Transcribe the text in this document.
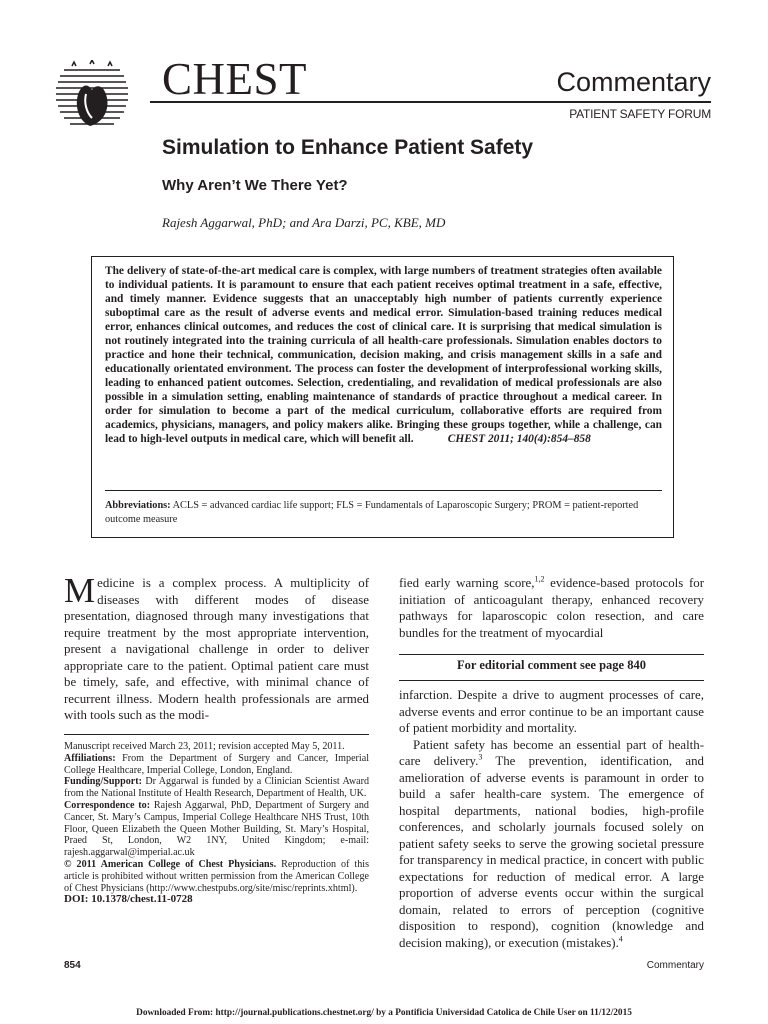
CHEST	Commentary
PATIENT SAFETY FORUM
Simulation to Enhance Patient Safety
Why Aren’t We There Yet?
Rajesh Aggarwal, PhD; and Ara Darzi, PC, KBE, MD
The delivery of state-of-the-art medical care is complex, with large numbers of treatment strategies often available to individual patients. It is paramount to ensure that each patient receives optimal treatment in a safe, effective, and timely manner. Evidence suggests that an unacceptably high number of patients currently experience suboptimal care as the result of adverse events and medical error. Simulation-based training reduces medical error, enhances clinical outcomes, and reduces the cost of clinical care. It is surprising that medical simulation is not routinely integrated into the training curricula of all health-care professionals. Simulation enables doctors to practice and hone their technical, communication, decision making, and crisis management skills in a safe and educationally orientated environment. The process can foster the development of interprofessional working skills, leading to enhanced patient outcomes. Selection, credentialing, and revalidation of medical professionals are also possible in a simulation setting, enabling maintenance of standards of practice throughout a medical career. In order for simulation to become a part of the medical curriculum, collaborative efforts are required from academics, physicians, managers, and policy makers alike. Bringing these groups together, while a challenge, can lead to high-level outputs in medical care, which will benefit all.	CHEST 2011; 140(4):854–858
Abbreviations: ACLS = advanced cardiac life support; FLS = Fundamentals of Laparoscopic Surgery; PROM = patient-reported outcome measure
Medicine is a complex process. A multiplicity of diseases with different modes of disease presentation, diagnosed through many investigations that require treatment by the most appropriate intervention, present a navigational challenge in order to deliver appropriate care to the patient. Optimal patient care must be timely, safe, and effective, with minimal chance of recurrent illness. Modern health professionals are armed with tools such as the modi-
fied early warning score,$^{1,2}$ evidence-based protocols for initiation of anticoagulant therapy, enhanced recovery pathways for laparoscopic colon resection, and care bundles for the treatment of myocardial
For editorial comment see page 840
infarction. Despite a drive to augment processes of care, adverse events and error continue to be an important cause of patient morbidity and mortality.
Patient safety has become an essential part of health-care delivery.$^3$ The prevention, identification, and amelioration of adverse events is paramount in order to build a safer health-care system. The emergence of hospital departments, national bodies, high-profile conferences, and scholarly journals focused solely on patient safety seeks to serve the growing societal pressure for transparency in medical practice, in concert with public expectations for reduction of medical error. A large proportion of adverse events occur within the surgical domain, related to errors of perception (cognitive disposition to respond), cognition (knowledge and decision making), or execution (mistakes).$^4$
Manuscript received March 23, 2011; revision accepted May 5, 2011.
Affiliations: From the Department of Surgery and Cancer, Imperial College Healthcare, Imperial College, London, England.
Funding/Support: Dr Aggarwal is funded by a Clinician Scientist Award from the National Institute of Health Research, Department of Health, UK.
Correspondence to: Rajesh Aggarwal, PhD, Department of Surgery and Cancer, St. Mary’s Campus, Imperial College Healthcare NHS Trust, 10th Floor, Queen Elizabeth the Queen Mother Building, St. Mary’s Hospital, Praed St, London, W2 1NY, United Kingdom; e-mail: rajesh.aggarwal@imperial.ac.uk
© 2011 American College of Chest Physicians. Reproduction of this article is prohibited without written permission from the American College of Chest Physicians (http://www.chestpubs.org/site/misc/reprints.xhtml).
DOI: 10.1378/chest.11-0728
854	Commentary
Downloaded From: http://journal.publications.chestnet.org/ by a Pontificia Universidad Catolica de Chile User on 11/12/2015
